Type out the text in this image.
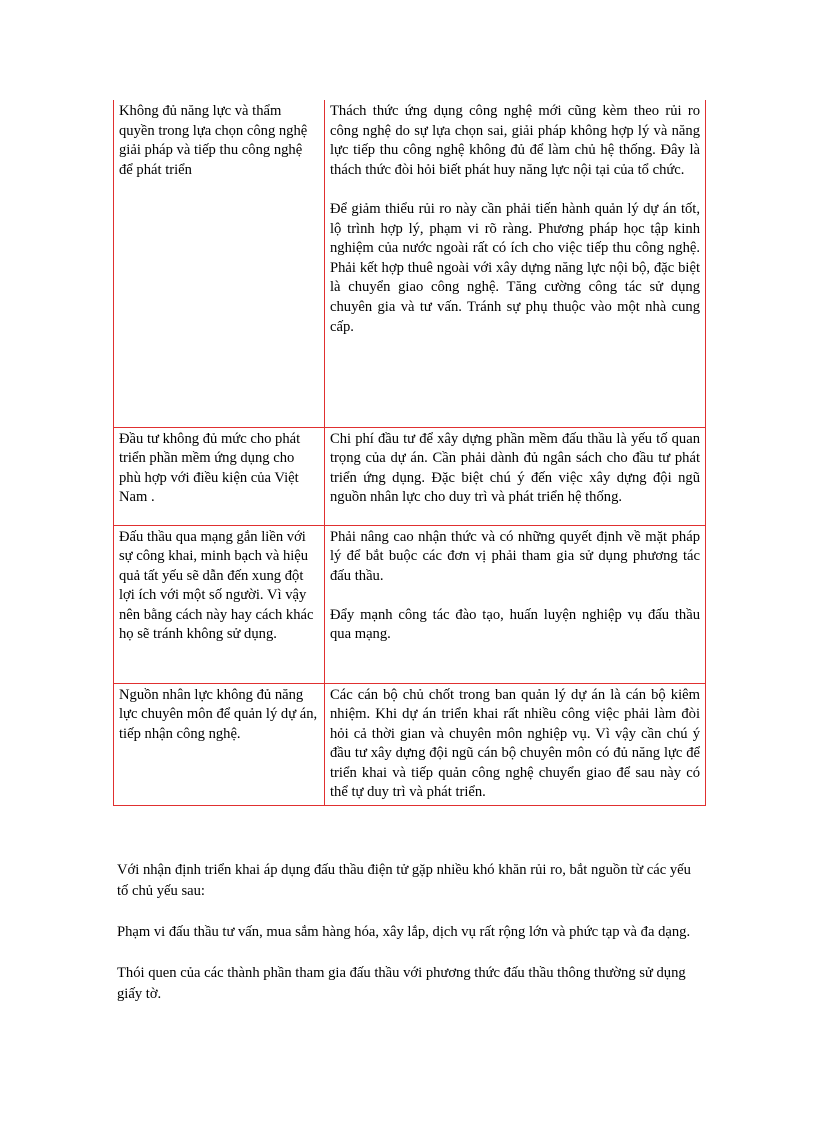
Không đủ năng lực và thẩm quyền trong lựa chọn công nghệ giải pháp và tiếp thu công nghệ để phát triển	Thách thức ứng dụng công nghệ mới cũng kèm theo rủi ro công nghệ do sự lựa chọn sai, giải pháp không hợp lý và năng lực tiếp thu công nghệ không đủ để làm chủ hệ thống. Đây là thách thức đòi hỏi biết phát huy năng lực nội tại của tổ chức.

Để giảm thiểu rủi ro này cần phải tiến hành quản lý dự án tốt, lộ trình hợp lý, phạm vi rõ ràng. Phương pháp học tập kinh nghiệm của nước ngoài rất có ích cho việc tiếp thu công nghệ. Phải kết hợp thuê ngoài với xây dựng năng lực nội bộ, đặc biệt là chuyển giao công nghệ. Tăng cường công tác sử dụng chuyên gia và tư vấn. Tránh sự phụ thuộc vào một nhà cung cấp.

Đầu tư không đủ mức cho phát triển phần mềm ứng dụng cho phù hợp với điều kiện của Việt Nam .	Chi phí đầu tư để xây dựng phần mềm đấu thầu là yếu tố quan trọng của dự án. Cần phải dành đủ ngân sách cho đầu tư phát triển ứng dụng. Đặc biệt chú ý đến việc xây dựng đội ngũ nguồn nhân lực cho duy trì và phát triển hệ thống.

Đấu thầu qua mạng gắn liền với sự công khai, minh bạch và hiệu quả tất yếu sẽ dẫn đến xung đột lợi ích với một số người. Vì vậy nên bằng cách này hay cách khác họ sẽ tránh không sử dụng.	Phải nâng cao nhận thức và có những quyết định về mặt pháp lý để bắt buộc các đơn vị phải tham gia sử dụng phương tác đấu thầu.

Đẩy mạnh công tác đào tạo, huấn luyện nghiệp vụ đấu thầu qua mạng.

Nguồn nhân lực không đủ năng lực chuyên môn để quản lý dự án, tiếp nhận công nghệ.	Các cán bộ chủ chốt trong ban quản lý dự án là cán bộ kiêm nhiệm. Khi dự án triển khai rất nhiều công việc phải làm đòi hỏi cả thời gian và chuyên môn nghiệp vụ. Vì vậy cần chú ý đầu tư xây dựng đội ngũ cán bộ chuyên môn có đủ năng lực để triển khai và tiếp quản công nghệ chuyển giao để sau này có thể tự duy trì và phát triển.

Với nhận định triển khai áp dụng đấu thầu điện tử gặp nhiều khó khăn rủi ro, bắt nguồn từ các yếu tố chủ yếu sau:

Phạm vi đấu thầu tư vấn, mua sắm hàng hóa, xây lắp, dịch vụ rất rộng lớn và phức tạp và đa dạng.

Thói quen của các thành phần tham gia đấu thầu với phương thức đấu thầu thông thường sử dụng giấy tờ.
